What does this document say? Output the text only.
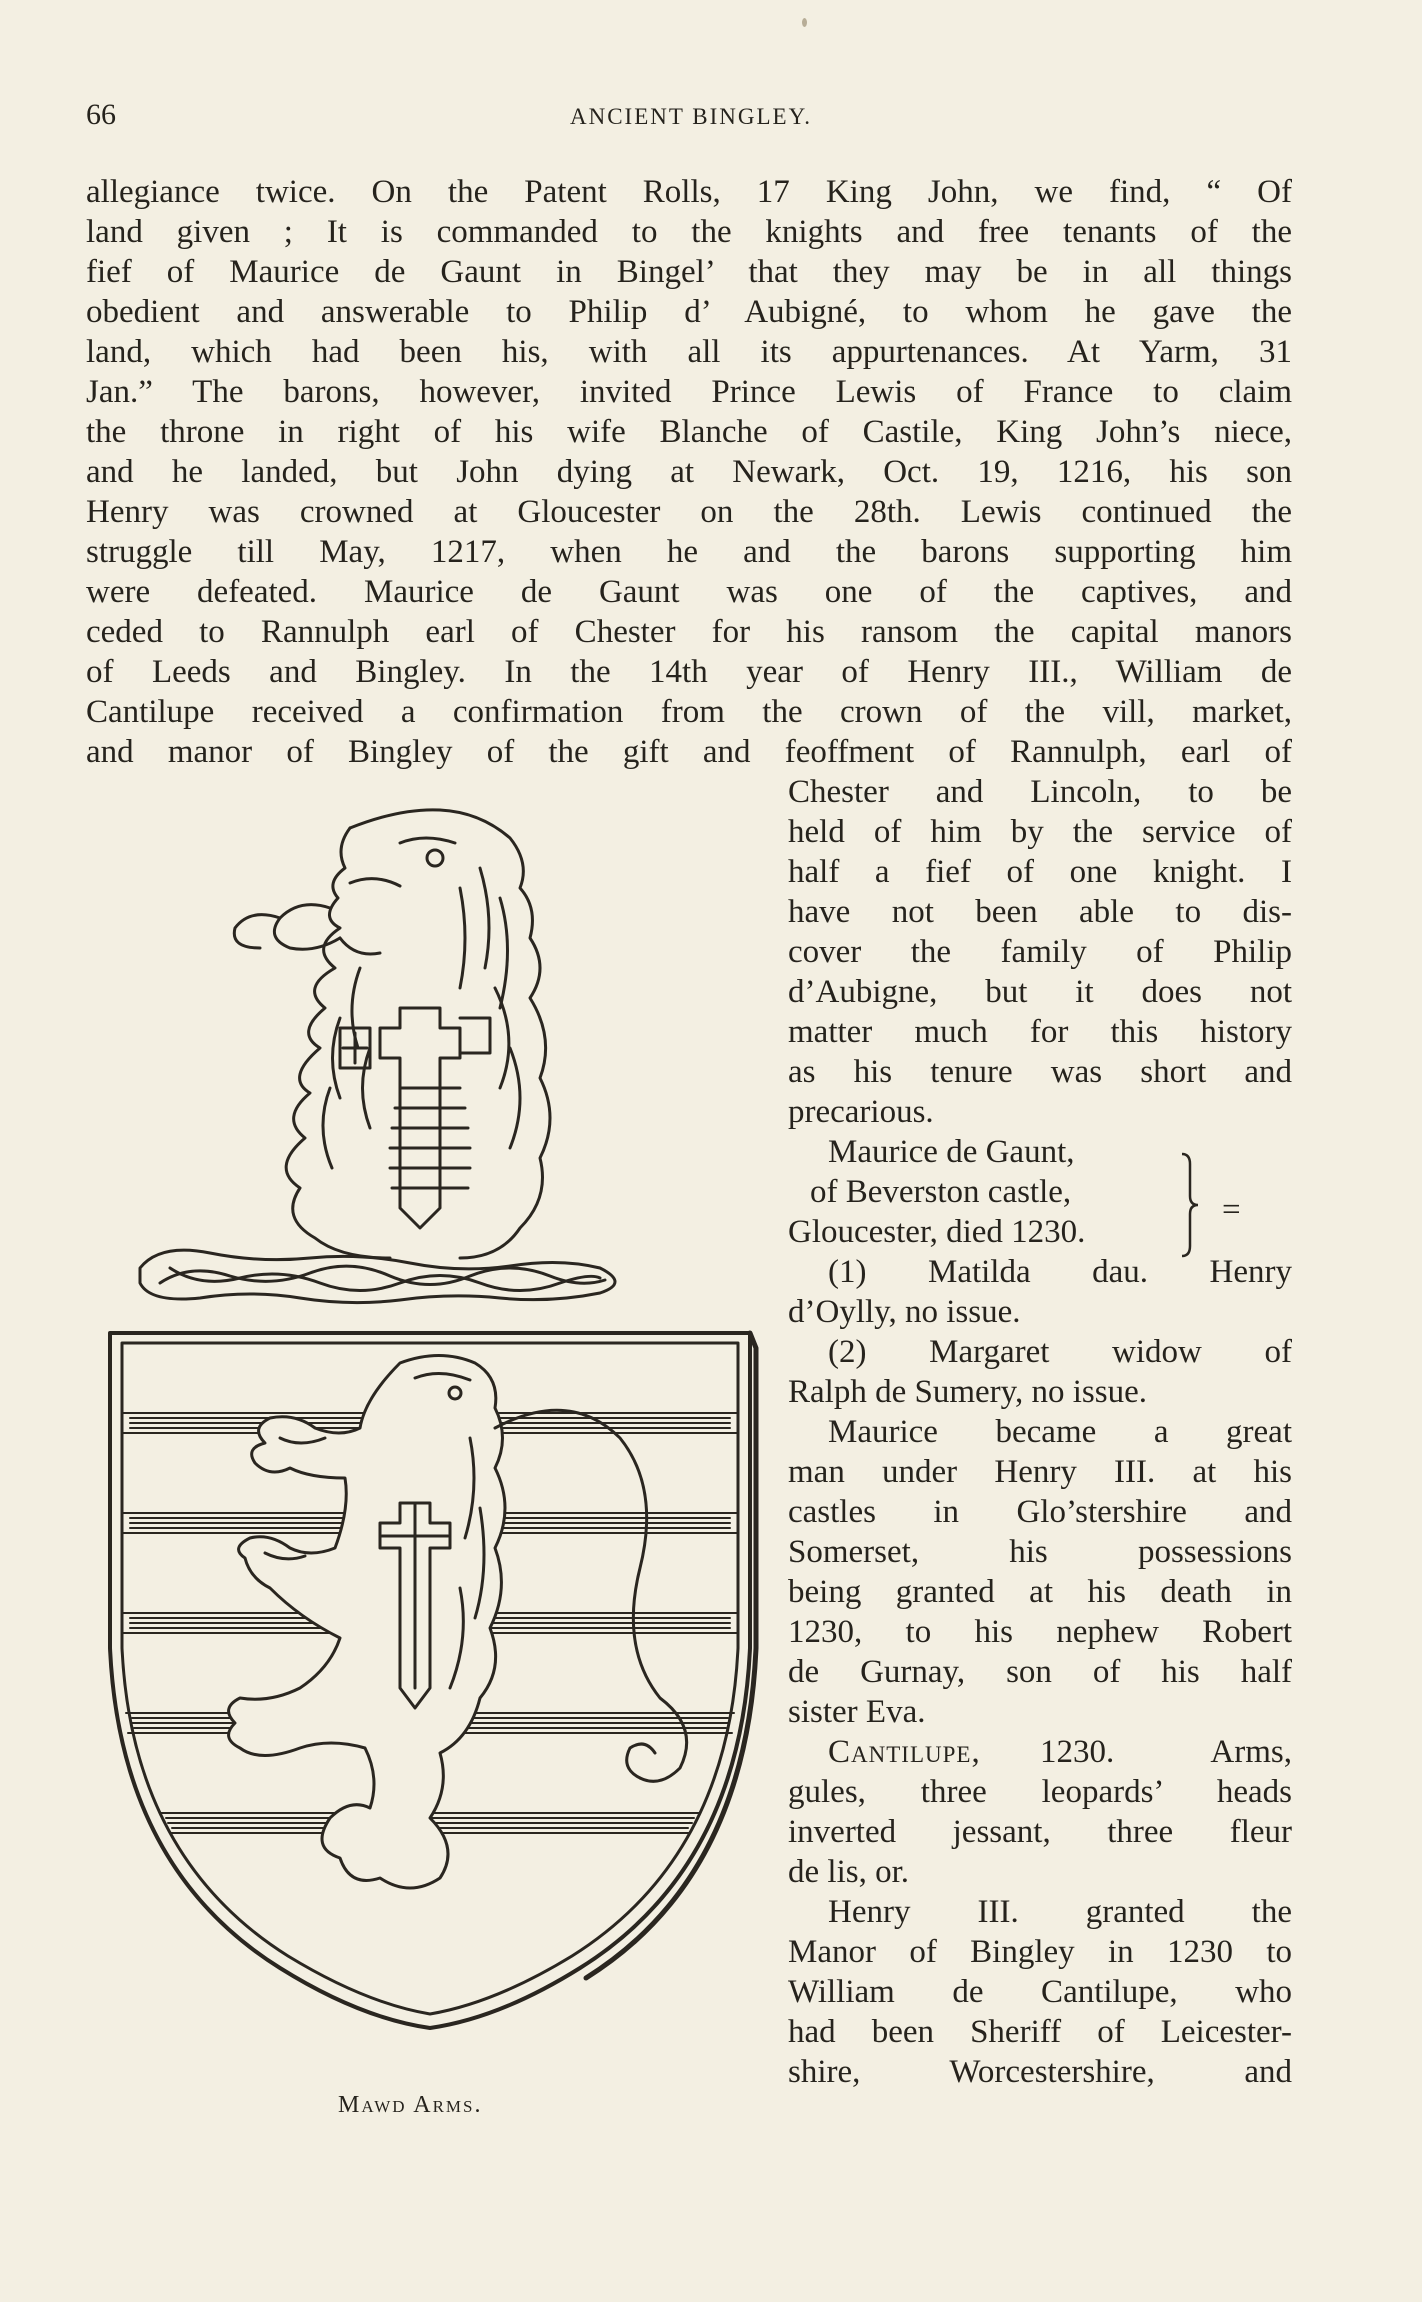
66	ANCIENT BINGLEY.
allegiance twice. On the Patent Rolls, 17 King John, we find, “ Of
land given ; It is commanded to the knights and free tenants of the
fief of Maurice de Gaunt in Bingel’ that they may be in all things
obedient and answerable to Philip d’ Aubigné, to whom he gave the
land, which had been his, with all its appurtenances. At Yarm, 31
Jan.” The barons, however, invited Prince Lewis of France to claim
the throne in right of his wife Blanche of Castile, King John’s niece,
and he landed, but John dying at Newark, Oct. 19, 1216, his son
Henry was crowned at Gloucester on the 28th. Lewis continued the
struggle till May, 1217, when he and the barons supporting him
were defeated. Maurice de Gaunt was one of the captives, and
ceded to Rannulph earl of Chester for his ransom the capital manors
of Leeds and Bingley. In the 14th year of Henry III., William de
Cantilupe received a confirmation from the crown of the vill, market,
and manor of Bingley of the gift and feoffment of Rannulph, earl of
Chester and Lincoln, to be
held of him by the service of
half a fief of one knight. I
have not been able to dis-
cover the family of Philip
d’Aubigne, but it does not
matter much for this history
as his tenure was short and
precarious.
Maurice de Gaunt,
of Beverston castle,
Gloucester, died 1230.
(1) Matilda dau. Henry
d’Oylly, no issue.
(2) Margaret widow of
Ralph de Sumery, no issue.
Maurice became a great
man under Henry III. at his
castles in Glo’stershire and
Somerset, his possessions
being granted at his death in
1230, to his nephew Robert
de Gurnay, son of his half
sister Eva.
Cantilupe, 1230. Arms,
gules, three leopards’ heads
inverted jessant, three fleur
de lis, or.
Henry III. granted the
Manor of Bingley in 1230 to
William de Cantilupe, who
had been Sheriff of Leicester-
shire, Worcestershire, and
=
Mawd Arms.
